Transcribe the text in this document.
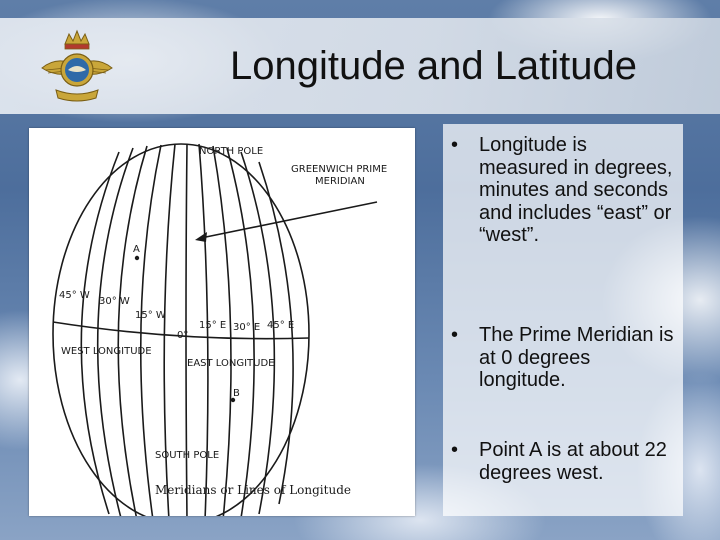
Longitude and Latitude
NORTH POLE
GREENWICH PRIME
MERIDIAN
A
B
45° W
30° W
15° W
0°
15° E 30° E 45° E
WEST LONGITUDE
EAST LONGITUDE
SOUTH POLE
Meridians or Lines of Longitude
• Longitude is measured in degrees, minutes and seconds and includes “east” or “west”.
• The Prime Meridian is at 0 degrees longitude.
• Point A is at about 22 degrees west.
